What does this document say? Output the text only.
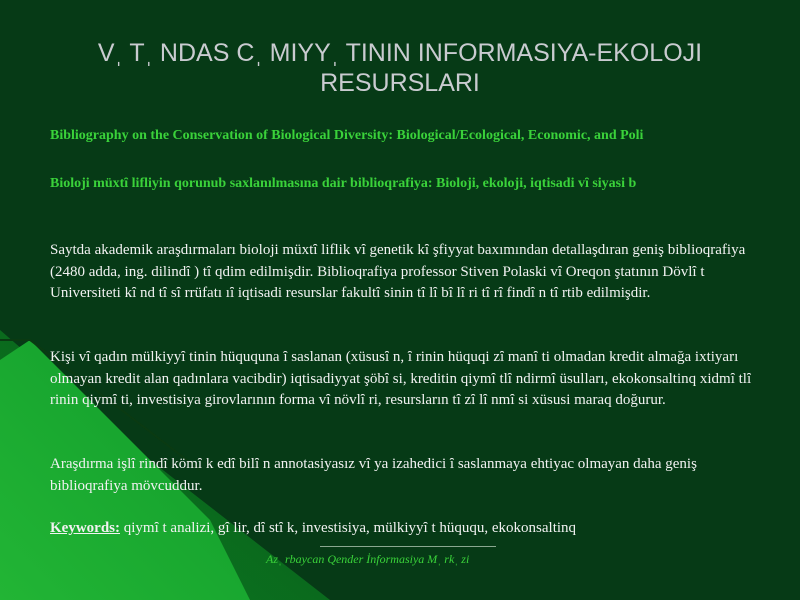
Vˌ Tˌ NDAS Cˌ MIYYˌ TININ INFORMASIYA-EKOLOJI
RESURSLARI
Bibliography on the Conservation of Biological Diversity: Biological/Ecological, Economic, and Poli
Bioloji müxtȋ lifliyin qorunub saxlanılmasına dair biblioqrafiya: Bioloji, ekoloji, iqtisadi vȋ siyasi b
Saytda akademik araşdırmaları bioloji müxtȋ liflik vȋ genetik kȋ şfiyyat baxımından detallaşdıran geniş biblioqrafiya (2480 adda, ing. dilindȋ ) tȋ qdim edilmişdir. Biblioqrafiya professor Stiven Polaski vȋ Oreqon ştatının Dövlȋ t Universiteti kȋ nd tȋ sȋ rrüfatı ıȋ iqtisadi resurslar fakultȋ sinin tȋ lȋ bȋ lȋ ri tȋ rȋ findȋ n tȋ rtib edilmişdir.
Kişi vȋ qadın mülkiyyȋ tinin hüququna ȋ saslanan (xüsusȋ n, ȋ rinin hüquqi zȋ manȋ ti olmadan kredit almağa ixtiyarı olmayan kredit alan qadınlara vacibdir) iqtisadiyyat şöbȋ si, kreditin qiymȋ tlȋ ndirmȋ üsulları, ekokonsaltinq xidmȋ tlȋ rinin qiymȋ ti, investisiya girovlarının forma vȋ növlȋ ri, resursların tȋ zȋ lȋ nmȋ si xüsusi maraq doğurur.
Araşdırma işlȋ rindȋ kömȋ k edȋ bilȋ n annotasiyasız vȋ ya izahedici ȋ saslanmaya ehtiyac olmayan daha geniş biblioqrafiya mövcuddur.
Keywords: qiymȋ t analizi, gȋ lir, dȋ stȋ k, investisiya, mülkiyyȋ t hüququ, ekokonsaltinq
Azˌ rbaycan Qender İnformasiya Mˌ rkˌ zi
